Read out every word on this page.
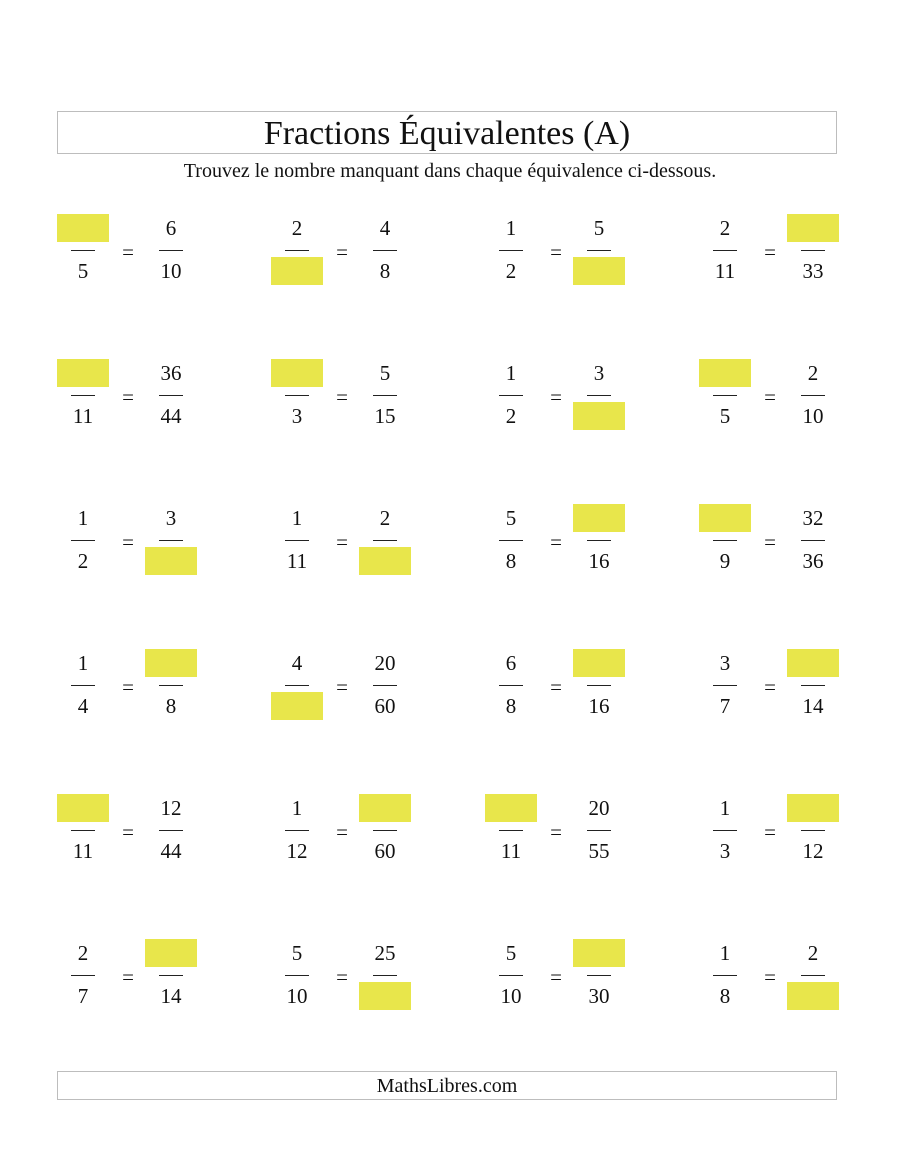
Fractions Équivalentes (A)
Trouvez le nombre manquant dans chaque équivalence ci-dessous.
5
=
6
10
2
=
4
8
1
2
=
5	2
11
=
33
11
=
36
44	3
=
5
15
1
2
=
3
5
=
2
10
1
2
=
3	1
11
=
2	5
8
=
16	9
=
32
36
1
4
=
8
4
=
20
60
6
8
=
16
3
7
=
14
11
=
12
44
1
12
=
60	11
=
20
55
1
3
=
12
2
7
=
14
5
10
=
25	5
10
=
30
1
8
=
2
MathsLibres.com
